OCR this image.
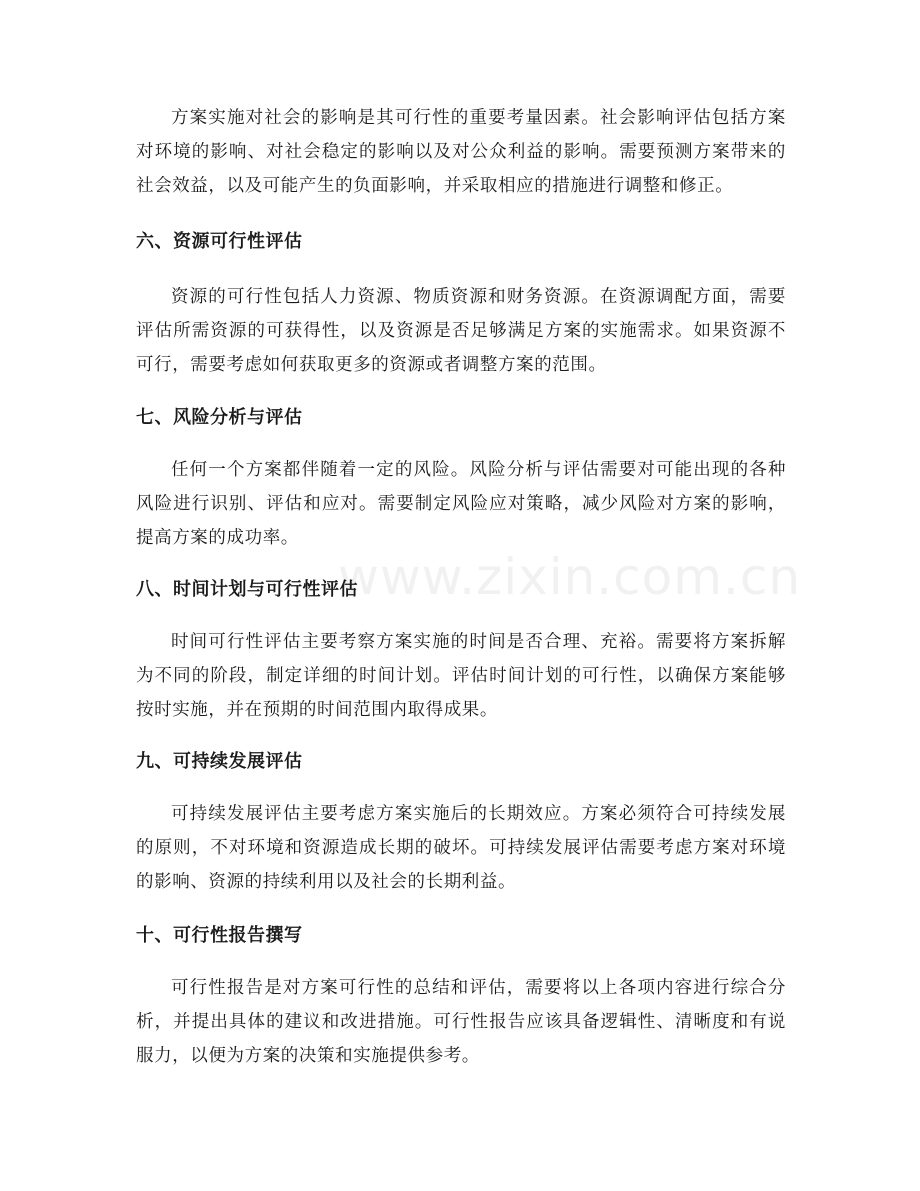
www.zixin.com.cn

方案实施对社会的影响是其可行性的重要考量因素。社会影响评估包括方案对环境的影响、对社会稳定的影响以及对公众利益的影响。需要预测方案带来的社会效益，以及可能产生的负面影响，并采取相应的措施进行调整和修正。

六、资源可行性评估

资源的可行性包括人力资源、物质资源和财务资源。在资源调配方面，需要评估所需资源的可获得性，以及资源是否足够满足方案的实施需求。如果资源不可行，需要考虑如何获取更多的资源或者调整方案的范围。

七、风险分析与评估

任何一个方案都伴随着一定的风险。风险分析与评估需要对可能出现的各种风险进行识别、评估和应对。需要制定风险应对策略，减少风险对方案的影响，提高方案的成功率。

八、时间计划与可行性评估

时间可行性评估主要考察方案实施的时间是否合理、充裕。需要将方案拆解为不同的阶段，制定详细的时间计划。评估时间计划的可行性，以确保方案能够按时实施，并在预期的时间范围内取得成果。

九、可持续发展评估

可持续发展评估主要考虑方案实施后的长期效应。方案必须符合可持续发展的原则，不对环境和资源造成长期的破坏。可持续发展评估需要考虑方案对环境的影响、资源的持续利用以及社会的长期利益。

十、可行性报告撰写

可行性报告是对方案可行性的总结和评估，需要将以上各项内容进行综合分析，并提出具体的建议和改进措施。可行性报告应该具备逻辑性、清晰度和有说服力，以便为方案的决策和实施提供参考。
